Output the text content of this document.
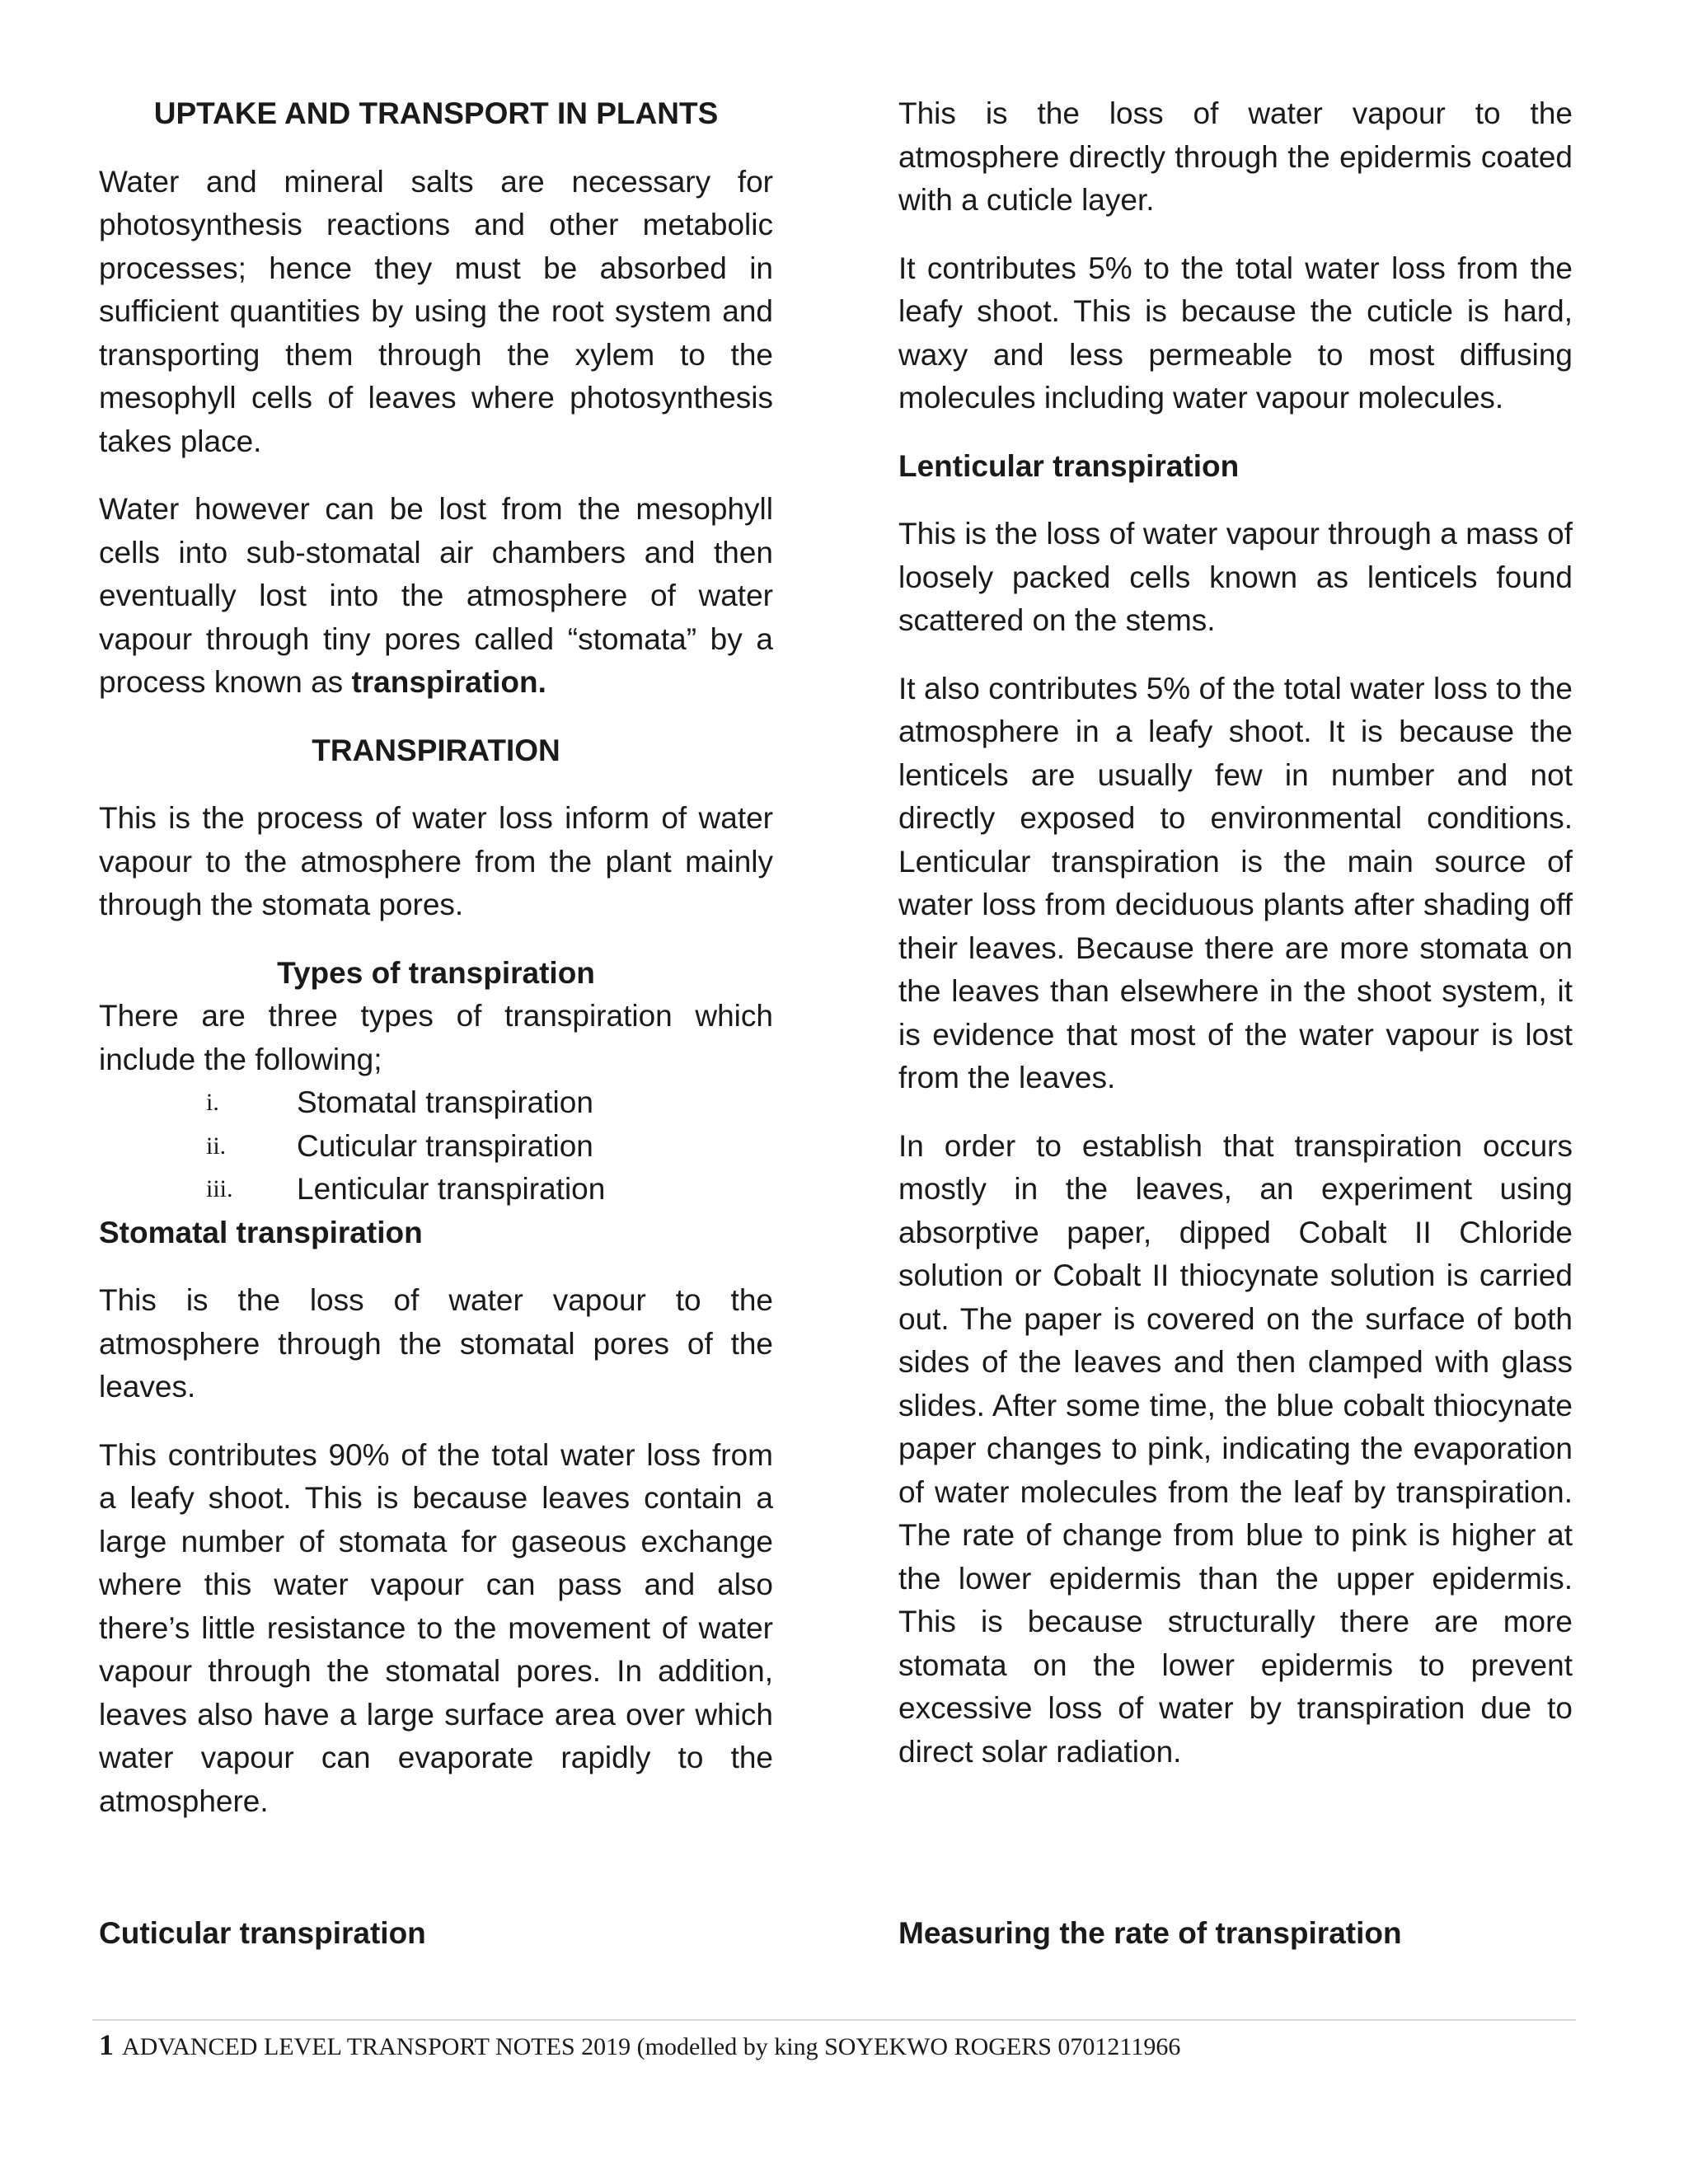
UPTAKE AND TRANSPORT IN PLANTS

Water and mineral salts are necessary for photosynthesis reactions and other metabolic processes; hence they must be absorbed in sufficient quantities by using the root system and transporting them through the xylem to the mesophyll cells of leaves where photosynthesis takes place.

Water however can be lost from the mesophyll cells into sub-stomatal air chambers and then eventually lost into the atmosphere of water vapour through tiny pores called “stomata” by a process known as transpiration.

TRANSPIRATION

This is the process of water loss inform of water vapour to the atmosphere from the plant mainly through the stomata pores.

Types of transpiration

There are three types of transpiration which include the following;

i.	Stomatal transpiration
ii.	Cuticular transpiration
iii.	Lenticular transpiration
Stomatal transpiration

This is the loss of water vapour to the atmosphere through the stomatal pores of the leaves.

This contributes 90% of the total water loss from a leafy shoot. This is because leaves contain a large number of stomata for gaseous exchange where this water vapour can pass and also there’s little resistance to the movement of water vapour through the stomatal pores. In addition, leaves also have a large surface area over which water vapour can evaporate rapidly to the atmosphere.

This is the loss of water vapour to the atmosphere directly through the epidermis coated with a cuticle layer.

It contributes 5% to the total water loss from the leafy shoot. This is because the cuticle is hard, waxy and less permeable to most diffusing molecules including water vapour molecules.

Lenticular transpiration

This is the loss of water vapour through a mass of loosely packed cells known as lenticels found scattered on the stems.

It also contributes 5% of the total water loss to the atmosphere in a leafy shoot. It is because the lenticels are usually few in number and not directly exposed to environmental conditions. Lenticular transpiration is the main source of water loss from deciduous plants after shading off their leaves. Because there are more stomata on the leaves than elsewhere in the shoot system, it is evidence that most of the water vapour is lost from the leaves.

In order to establish that transpiration occurs mostly in the leaves, an experiment using absorptive paper, dipped Cobalt II Chloride solution or Cobalt II thiocynate solution is carried out. The paper is covered on the surface of both sides of the leaves and then clamped with glass slides. After some time, the blue cobalt thiocynate paper changes to pink, indicating the evaporation of water molecules from the leaf by transpiration. The rate of change from blue to pink is higher at the lower epidermis than the upper epidermis. This is because structurally there are more stomata on the lower epidermis to prevent excessive loss of water by transpiration due to direct solar radiation.

Cuticular transpiration	Measuring the rate of transpiration
1 ADVANCED LEVEL TRANSPORT NOTES 2019 (modelled by king SOYEKWO ROGERS 0701211966
